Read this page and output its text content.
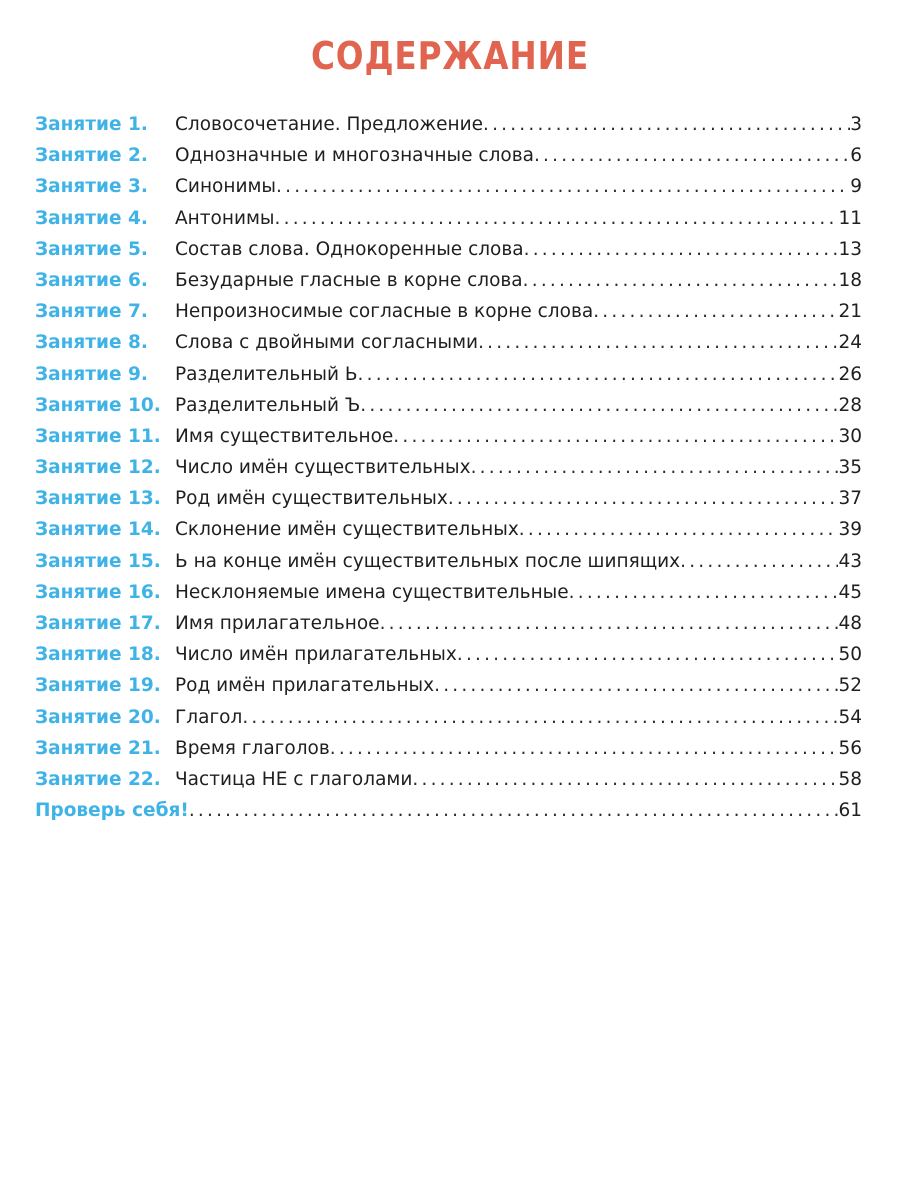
СОДЕРЖАНИЕ
Занятие 1.	Словосочетание. Предложение .....	3
Занятие 2.	Однозначные и многозначные слова .....	6
Занятие 3.	Синонимы .....	9
Занятие 4.	Антонимы .....	11
Занятие 5.	Состав слова. Однокоренные слова .....	13
Занятие 6.	Безударные гласные в корне слова .....	18
Занятие 7.	Непроизносимые согласные в корне слова .....	21
Занятие 8.	Слова с двойными согласными .....	24
Занятие 9.	Разделительный Ь .....	26
Занятие 10. Разделительный Ъ .....	28
Занятие 11. Имя существительное .....	30
Занятие 12. Число имён существительных .....	35
Занятие 13. Род имён существительных .....	37
Занятие 14. Склонение имён существительных .....	39
Занятие 15. Ь на конце имён существительных после шипящих .....	43
Занятие 16. Несклоняемые имена существительные .....	45
Занятие 17. Имя прилагательное .....	48
Занятие 18. Число имён прилагательных .....	50
Занятие 19. Род имён прилагательных .....	52
Занятие 20. Глагол .....	54
Занятие 21. Время глаголов .....	56
Занятие 22. Частица НЕ с глаголами .....	58
Проверь себя! .....	61
